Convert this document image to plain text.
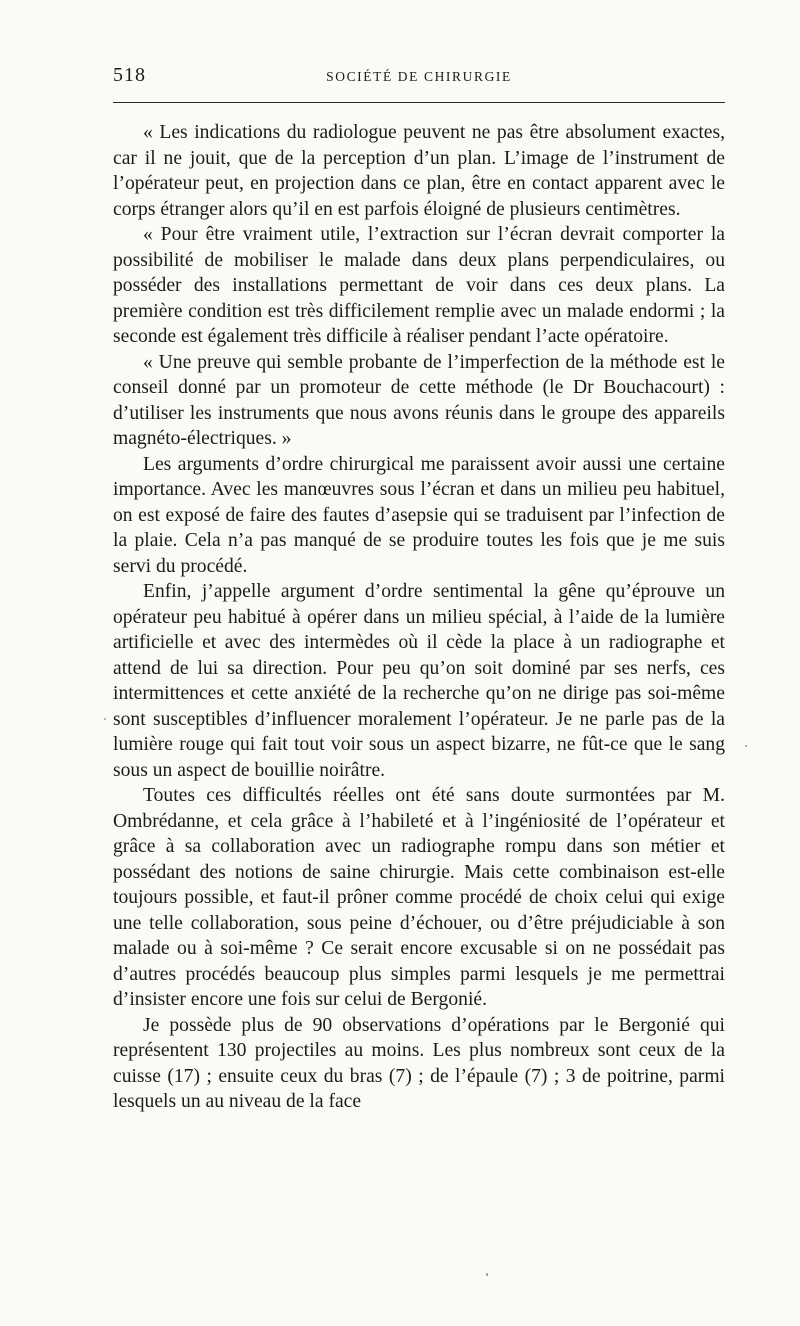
518	SOCIÉTÉ DE CHIRURGIE

« Les indications du radiologue peuvent ne pas être absolument exactes, car il ne jouit, que de la perception d’un plan. L’image de l’instrument de l’opérateur peut, en projection dans ce plan, être en contact apparent avec le corps étranger alors qu’il en est parfois éloigné de plusieurs centimètres.

« Pour être vraiment utile, l’extraction sur l’écran devrait comporter la possibilité de mobiliser le malade dans deux plans perpendiculaires, ou posséder des installations permettant de voir dans ces deux plans. La première condition est très difficilement remplie avec un malade endormi ; la seconde est également très difficile à réaliser pendant l’acte opératoire.

« Une preuve qui semble probante de l’imperfection de la méthode est le conseil donné par un promoteur de cette méthode (le Dr Bouchacourt) : d’utiliser les instruments que nous avons réunis dans le groupe des appareils magnéto-électriques. »

Les arguments d’ordre chirurgical me paraissent avoir aussi une certaine importance. Avec les manœuvres sous l’écran et dans un milieu peu habituel, on est exposé de faire des fautes d’asepsie qui se traduisent par l’infection de la plaie. Cela n’a pas manqué de se produire toutes les fois que je me suis servi du procédé.

Enfin, j’appelle argument d’ordre sentimental la gêne qu’éprouve un opérateur peu habitué à opérer dans un milieu spécial, à l’aide de la lumière artificielle et avec des intermèdes où il cède la place à un radiographe et attend de lui sa direction. Pour peu qu’on soit dominé par ses nerfs, ces intermittences et cette anxiété de la recherche qu’on ne dirige pas soi-même sont susceptibles d’influencer moralement l’opérateur. Je ne parle pas de la lumière rouge qui fait tout voir sous un aspect bizarre, ne fût-ce que le sang sous un aspect de bouillie noirâtre.

Toutes ces difficultés réelles ont été sans doute surmontées par M. Ombrédanne, et cela grâce à l’habileté et à l’ingéniosité de l’opérateur et grâce à sa collaboration avec un radiographe rompu dans son métier et possédant des notions de saine chirurgie. Mais cette combinaison est-elle toujours possible, et faut-il prôner comme procédé de choix celui qui exige une telle collaboration, sous peine d’échouer, ou d’être préjudiciable à son malade ou à soi-même ? Ce serait encore excusable si on ne possédait pas d’autres procédés beaucoup plus simples parmi lesquels je me permettrai d’insister encore une fois sur celui de Bergonié.

Je possède plus de 90 observations d’opérations par le Bergonié qui représentent 130 projectiles au moins. Les plus nombreux sont ceux de la cuisse (17) ; ensuite ceux du bras (7) ; de l’épaule (7) ; 3 de poitrine, parmi lesquels un au niveau de la face
